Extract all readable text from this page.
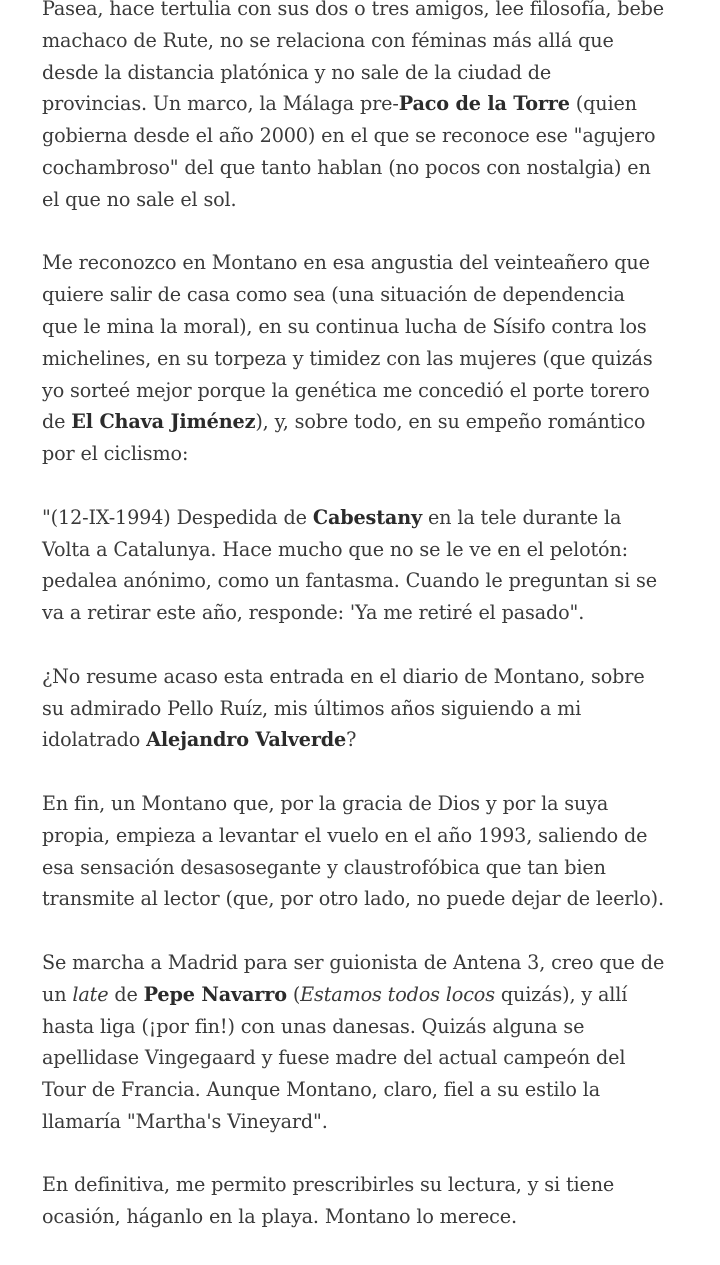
Pasea, hace tertulia con sus dos o tres amigos, lee filosofía, bebe
machaco de Rute, no se relaciona con féminas más allá que
desde la distancia platónica y no sale de la ciudad de
provincias. Un marco, la Málaga pre-Paco de la Torre (quien
gobierna desde el año 2000) en el que se reconoce ese "agujero
cochambroso" del que tanto hablan (no pocos con nostalgia) en
el que no sale el sol.

Me reconozco en Montano en esa angustia del veinteañero que
quiere salir de casa como sea (una situación de dependencia
que le mina la moral), en su continua lucha de Sísifo contra los
michelines, en su torpeza y timidez con las mujeres (que quizás
yo sorteé mejor porque la genética me concedió el porte torero
de El Chava Jiménez), y, sobre todo, en su empeño romántico
por el ciclismo:

"(12-IX-1994) Despedida de Cabestany en la tele durante la
Volta a Catalunya. Hace mucho que no se le ve en el pelotón:
pedalea anónimo, como un fantasma. Cuando le preguntan si se
va a retirar este año, responde: 'Ya me retiré el pasado".

¿No resume acaso esta entrada en el diario de Montano, sobre
su admirado Pello Ruíz, mis últimos años siguiendo a mi
idolatrado Alejandro Valverde?

En fin, un Montano que, por la gracia de Dios y por la suya
propia, empieza a levantar el vuelo en el año 1993, saliendo de
esa sensación desasosegante y claustrofóbica que tan bien
transmite al lector (que, por otro lado, no puede dejar de leerlo).

Se marcha a Madrid para ser guionista de Antena 3, creo que de
un late de Pepe Navarro (Estamos todos locos quizás), y allí
hasta liga (¡por fin!) con unas danesas. Quizás alguna se
apellidase Vingegaard y fuese madre del actual campeón del
Tour de Francia. Aunque Montano, claro, fiel a su estilo la
llamaría "Martha's Vineyard".

En definitiva, me permito prescribirles su lectura, y si tiene
ocasión, háganlo en la playa. Montano lo merece.
